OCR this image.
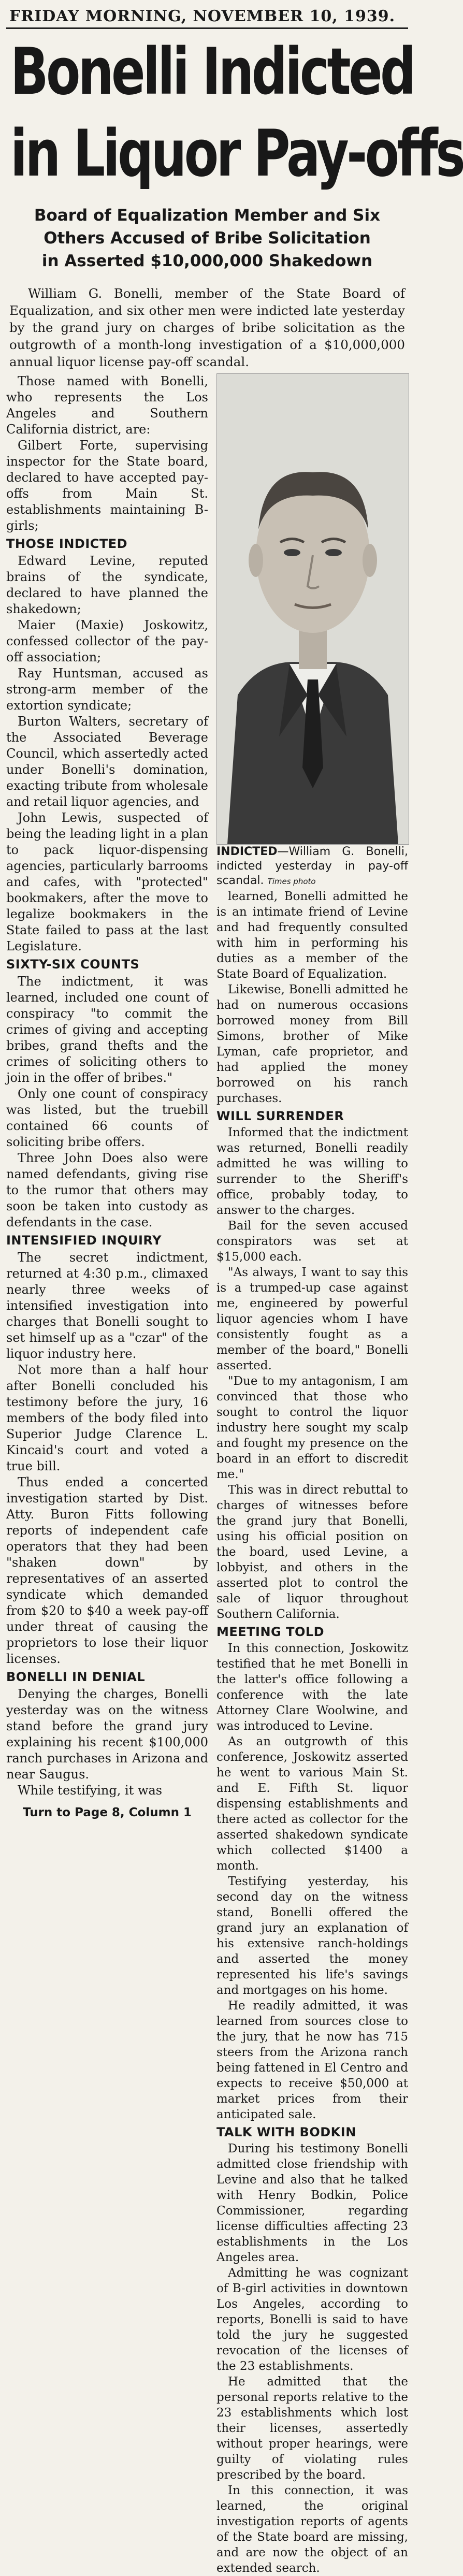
FRIDAY MORNING, NOVEMBER 10, 1939.
Bonelli Indicted
in Liquor Pay-offs
Board of Equalization Member and Six
Others Accused of Bribe Solicitation
in Asserted $10,000,000 Shakedown
William G. Bonelli, member of the State Board of Equalization, and six other men were indicted late yesterday by the grand jury on charges of bribe solicitation as the outgrowth of a month-long investigation of a $10,000,000 annual liquor license pay-off scandal.

Those named with Bonelli, who represents the Los Angeles and Southern California district, are:

Gilbert Forte, supervising inspector for the State board, declared to have accepted pay-offs from Main St. establishments maintaining B-girls;

THOSE INDICTED

Edward Levine, reputed brains of the syndicate, declared to have planned the shakedown;

Maier (Maxie) Joskowitz, confessed collector of the pay-off association;

Ray Huntsman, accused as strong-arm member of the extortion syndicate;

Burton Walters, secretary of the Associated Beverage Council, which assertedly acted under Bonelli's domination, exacting tribute from wholesale and retail liquor agencies, and

John Lewis, suspected of being the leading light in a plan to pack liquor-dispensing agencies, particularly barrooms and cafes, with "protected" bookmakers, after the move to legalize bookmakers in the State failed to pass at the last Legislature.

SIXTY-SIX COUNTS

The indictment, it was learned, included one count of conspiracy "to commit the crimes of giving and accepting bribes, grand thefts and the crimes of soliciting others to join in the offer of bribes."

Only one count of conspiracy was listed, but the truebill contained 66 counts of soliciting bribe offers.

Three John Does also were named defendants, giving rise to the rumor that others may soon be taken into custody as defendants in the case.

INTENSIFIED INQUIRY

The secret indictment, returned at 4:30 p.m., climaxed nearly three weeks of intensified investigation into charges that Bonelli sought to set himself up as a "czar" of the liquor industry here.

Not more than a half hour after Bonelli concluded his testimony before the jury, 16 members of the body filed into Superior Judge Clarence L. Kincaid's court and voted a true bill.

Thus ended a concerted investigation started by Dist. Atty. Buron Fitts following reports of independent cafe operators that they had been "shaken down" by representatives of an asserted syndicate which demanded from $20 to $40 a week pay-off under threat of causing the proprietors to lose their liquor licenses.

BONELLI IN DENIAL

Denying the charges, Bonelli yesterday was on the witness stand before the grand jury explaining his recent $100,000 ranch purchases in Arizona and near Saugus.

While testifying, it was

Turn to Page 8, Column 1

INDICTED—William G. Bonelli, indicted yesterday in pay-off scandal. Times photo

learned, Bonelli admitted he is an intimate friend of Levine and had frequently consulted with him in performing his duties as a member of the State Board of Equalization.

Likewise, Bonelli admitted he had on numerous occasions borrowed money from Bill Simons, brother of Mike Lyman, cafe proprietor, and had applied the money borrowed on his ranch purchases.

WILL SURRENDER

Informed that the indictment was returned, Bonelli readily admitted he was willing to surrender to the Sheriff's office, probably today, to answer to the charges.

Bail for the seven accused conspirators was set at $15,000 each.

"As always, I want to say this is a trumped-up case against me, engineered by powerful liquor agencies whom I have consistently fought as a member of the board," Bonelli asserted.

"Due to my antagonism, I am convinced that those who sought to control the liquor industry here sought my scalp and fought my presence on the board in an effort to discredit me."

This was in direct rebuttal to charges of witnesses before the grand jury that Bonelli, using his official position on the board, used Levine, a lobbyist, and others in the asserted plot to control the sale of liquor throughout Southern California.

MEETING TOLD

In this connection, Joskowitz testified that he met Bonelli in the latter's office following a conference with the late Attorney Clare Woolwine, and was introduced to Levine.

As an outgrowth of this conference, Joskowitz asserted he went to various Main St. and E. Fifth St. liquor dispensing establishments and there acted as collector for the asserted shakedown syndicate which collected $1400 a month.

Testifying yesterday, his second day on the witness stand, Bonelli offered the grand jury an explanation of his extensive ranch-holdings and asserted the money represented his life's savings and mortgages on his home.

He readily admitted, it was learned from sources close to the jury, that he now has 715 steers from the Arizona ranch being fattened in El Centro and expects to receive $50,000 at market prices from their anticipated sale.

TALK WITH BODKIN

During his testimony Bonelli admitted close friendship with Levine and also that he talked with Henry Bodkin, Police Commissioner, regarding license difficulties affecting 23 establishments in the Los Angeles area.

Admitting he was cognizant of B-girl activities in downtown Los Angeles, according to reports, Bonelli is said to have told the jury he suggested revocation of the licenses of the 23 establishments.

He admitted that the personal reports relative to the 23 establishments which lost their licenses, assertedly without proper hearings, were guilty of violating rules prescribed by the board.

In this connection, it was learned, the original investigation reports of agents of the State board are missing, and are now the object of an extended search.
